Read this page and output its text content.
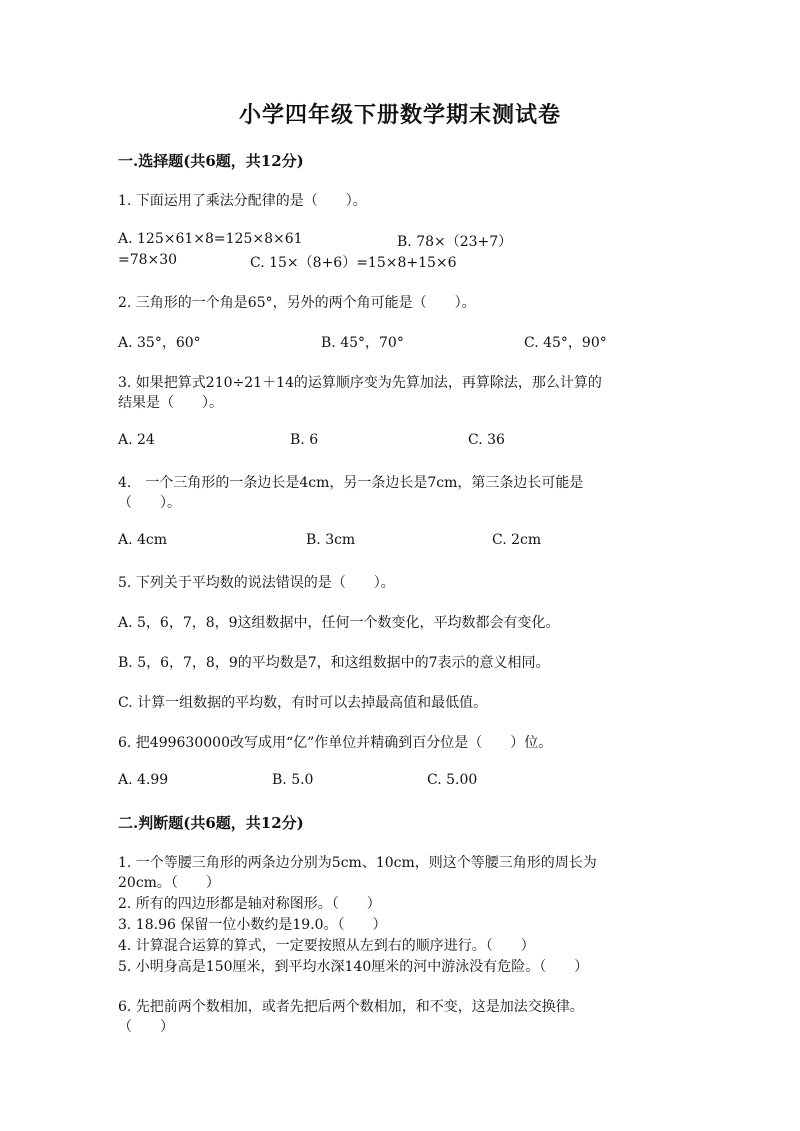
小学四年级下册数学期末测试卷
一.选择题(共6题，共12分)
1. 下面运用了乘法分配律的是（　　）。
A. 125×61×8=125×8×61	B. 78×（23+7）
=78×30	C. 15×（8+6）=15×8+15×6
2. 三角形的一个角是65°，另外的两个角可能是（　　）。
A. 35°，60°	B. 45°，70°	C. 45°，90°
3. 如果把算式210÷21＋14的运算顺序变为先算加法，再算除法，那么计算的
结果是（　　）。
A. 24	B. 6	C. 36
4.　一个三角形的一条边长是4cm，另一条边长是7cm，第三条边长可能是
（　　）。
A. 4cm	B. 3cm	C. 2cm
5. 下列关于平均数的说法错误的是（　　）。
A. 5，6，7，8，9这组数据中，任何一个数变化，平均数都会有变化。
B. 5，6，7，8，9的平均数是7，和这组数据中的7表示的意义相同。
C. 计算一组数据的平均数，有时可以去掉最高值和最低值。
6. 把499630000改写成用“亿”作单位并精确到百分位是（　　）位。
A. 4.99	B. 5.0	C. 5.00
二.判断题(共6题，共12分)
1. 一个等腰三角形的两条边分别为5cm、10cm，则这个等腰三角形的周长为
20cm。（　　）
2. 所有的四边形都是轴对称图形。（　　）
3. 18.96 保留一位小数约是19.0。（　　）
4. 计算混合运算的算式，一定要按照从左到右的顺序进行。（　　）
5. 小明身高是150厘米，到平均水深140厘米的河中游泳没有危险。（　　）
6. 先把前两个数相加，或者先把后两个数相加，和不变，这是加法交换律。
（　　）
